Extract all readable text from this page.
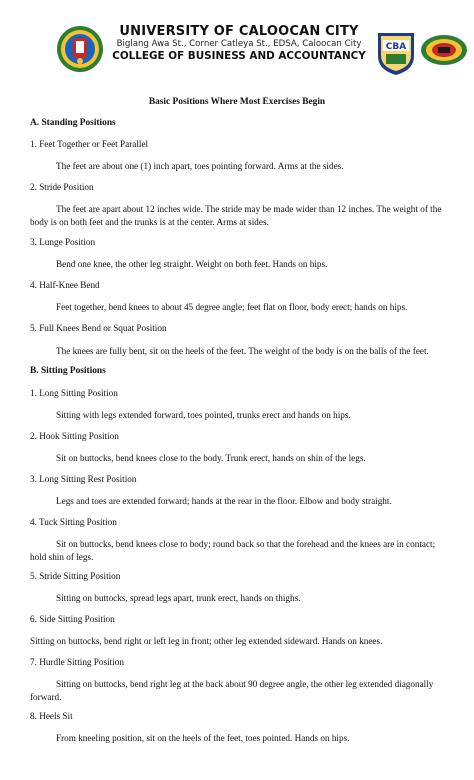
UNIVERSITY OF CALOOCAN CITY
Biglang Awa St., Corner Catleya St., EDSA, Caloocan City
COLLEGE OF BUSINESS AND ACCOUNTANCY
CBA
Basic Positions Where Most Exercises Begin
A. Standing Positions
1. Feet Together or Feet Parallel
The feet are about one (1) inch apart, toes pointing forward. Arms at the sides.
2. Stride Position
The feet are apart about 12 inches wide. The stride may be made wider than 12 inches. The weight of the body is on both feet and the trunks is at the center. Arms at sides.
3. Lunge Position
Bend one knee, the other leg straight. Weight on both feet. Hands on hips.
4. Half-Knee Bend
Feet together, bend knees to about 45 degree angle; feet flat on floor, body erect; hands on hips.
5. Full Knees Bend or Squat Position
The knees are fully bent, sit on the heels of the feet. The weight of the body is on the balls of the feet.
B. Sitting Positions
1. Long Sitting Position
Sitting with legs extended forward, toes pointed, trunks erect and hands on hips.
2. Hook Sitting Position
Sit on buttocks, bend knees close to the body. Trunk erect, hands on shin of the legs.
3. Long Sitting Rest Position
Legs and toes are extended forward; hands at the rear in the floor. Elbow and body straight.
4. Tuck Sitting Position
Sit on buttocks, bend knees close to body; round back so that the forehead and the knees are in contact; hold shin of legs.
5. Stride Sitting Position
Sitting on buttocks, spread legs apart, trunk erect, hands on thighs.
6. Side Sitting Position
Sitting on buttocks, bend right or left leg in front; other leg extended sideward. Hands on knees.
7. Hurdle Sitting Position
Sitting on buttocks, bend right leg at the back about 90 degree angle, the other leg extended diagonally forward.
8. Heels Sit
From kneeling position, sit on the heels of the feet, toes pointed. Hands on hips.
